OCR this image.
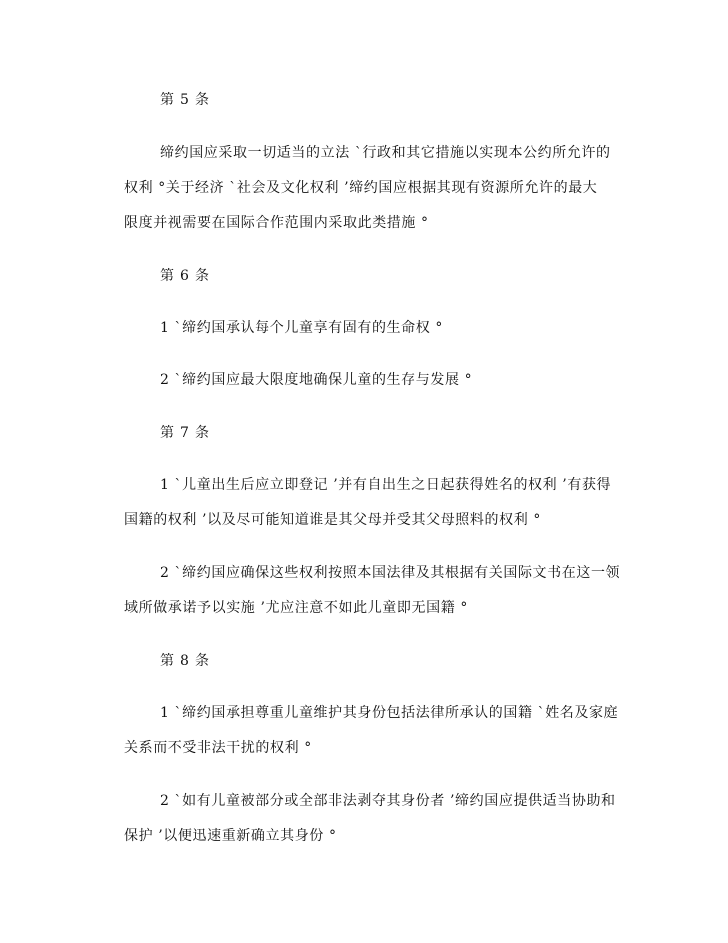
第 5 条
缔约国应采取一切适当的立法 `行政和其它措施以实现本公约所允许的
权利 °关于经济 `社会及文化权利 ’缔约国应根据其现有资源所允许的最大
限度并视需要在国际合作范围内采取此类措施 °
第 6 条
1 `缔约国承认每个儿童享有固有的生命权 °
2 `缔约国应最大限度地确保儿童的生存与发展 °
第 7 条
1 `儿童出生后应立即登记 ’并有自出生之日起获得姓名的权利 ’有获得
国籍的权利 ’以及尽可能知道谁是其父母并受其父母照料的权利 °
2 `缔约国应确保这些权利按照本国法律及其根据有关国际文书在这一领
域所做承诺予以实施 ’尤应注意不如此儿童即无国籍 °
第 8 条
1 `缔约国承担尊重儿童维护其身份包括法律所承认的国籍 `姓名及家庭
关系而不受非法干扰的权利 °
2 `如有儿童被部分或全部非法剥夺其身份者 ’缔约国应提供适当协助和
保护 ’以便迅速重新确立其身份 °
